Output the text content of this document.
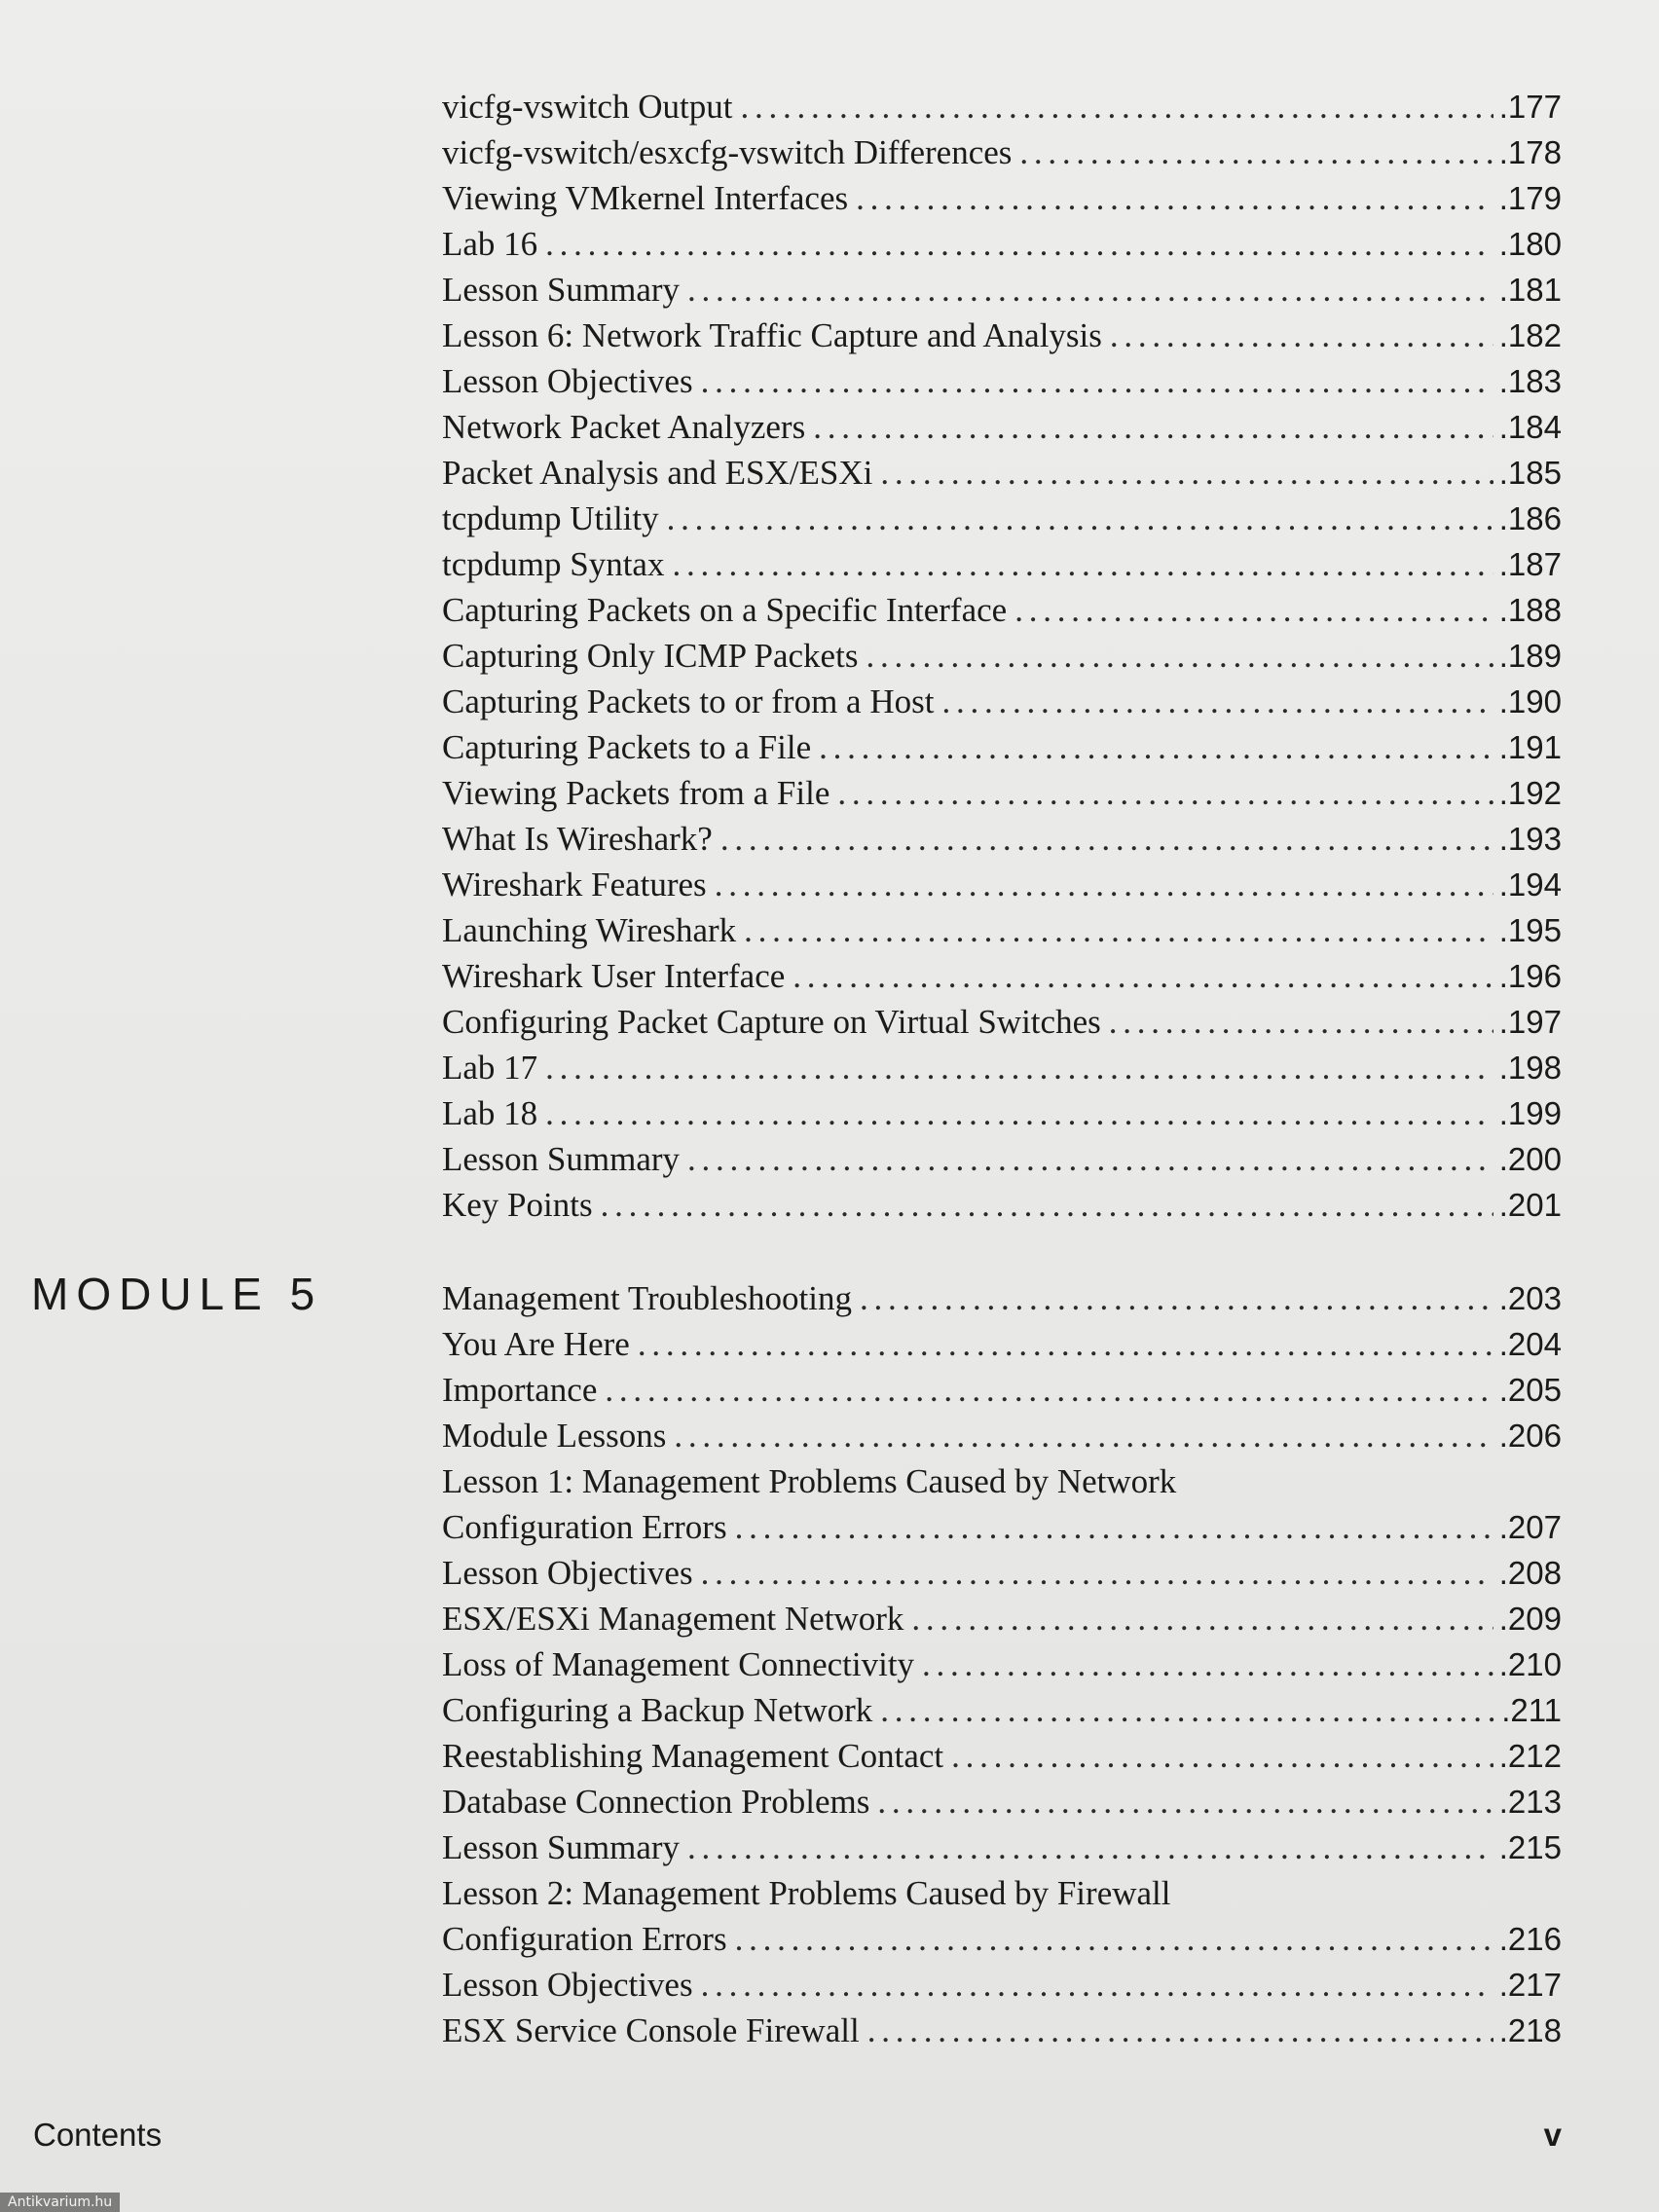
vicfg-vswitch Output . . .	.177
vicfg-vswitch/esxcfg-vswitch Differences . . .	.178
Viewing VMkernel Interfaces . . .	.179
Lab 16 . . .	.180
Lesson Summary . . .	.181
Lesson 6: Network Traffic Capture and Analysis . . .	.182
Lesson Objectives . . .	.183
Network Packet Analyzers . . .	.184
Packet Analysis and ESX/ESXi . . .	.185
tcpdump Utility . . .	.186
tcpdump Syntax . . .	.187
Capturing Packets on a Specific Interface . . .	.188
Capturing Only ICMP Packets . . .	.189
Capturing Packets to or from a Host . . .	.190
Capturing Packets to a File . . .	.191
Viewing Packets from a File . . .	.192
What Is Wireshark? . . .	.193
Wireshark Features . . .	.194
Launching Wireshark . . .	.195
Wireshark User Interface . . .	.196
Configuring Packet Capture on Virtual Switches . . .	.197
Lab 17 . . .	.198
Lab 18 . . .	.199
Lesson Summary . . .	.200
Key Points . . .	.201
MODULE 5	Management Troubleshooting . . .	.203
You Are Here . . .	.204
Importance . . .	.205
Module Lessons . . .	.206
Lesson 1: Management Problems Caused by Network
Configuration Errors . . .	.207
Lesson Objectives . . .	.208
ESX/ESXi Management Network . . .	.209
Loss of Management Connectivity . . .	.210
Configuring a Backup Network . . .	.211
Reestablishing Management Contact . . .	.212
Database Connection Problems . . .	.213
Lesson Summary . . .	.215
Lesson 2: Management Problems Caused by Firewall
Configuration Errors . . .	.216
Lesson Objectives . . .	.217
ESX Service Console Firewall . . .	.218
Contents	v
Antikvarium.hu
